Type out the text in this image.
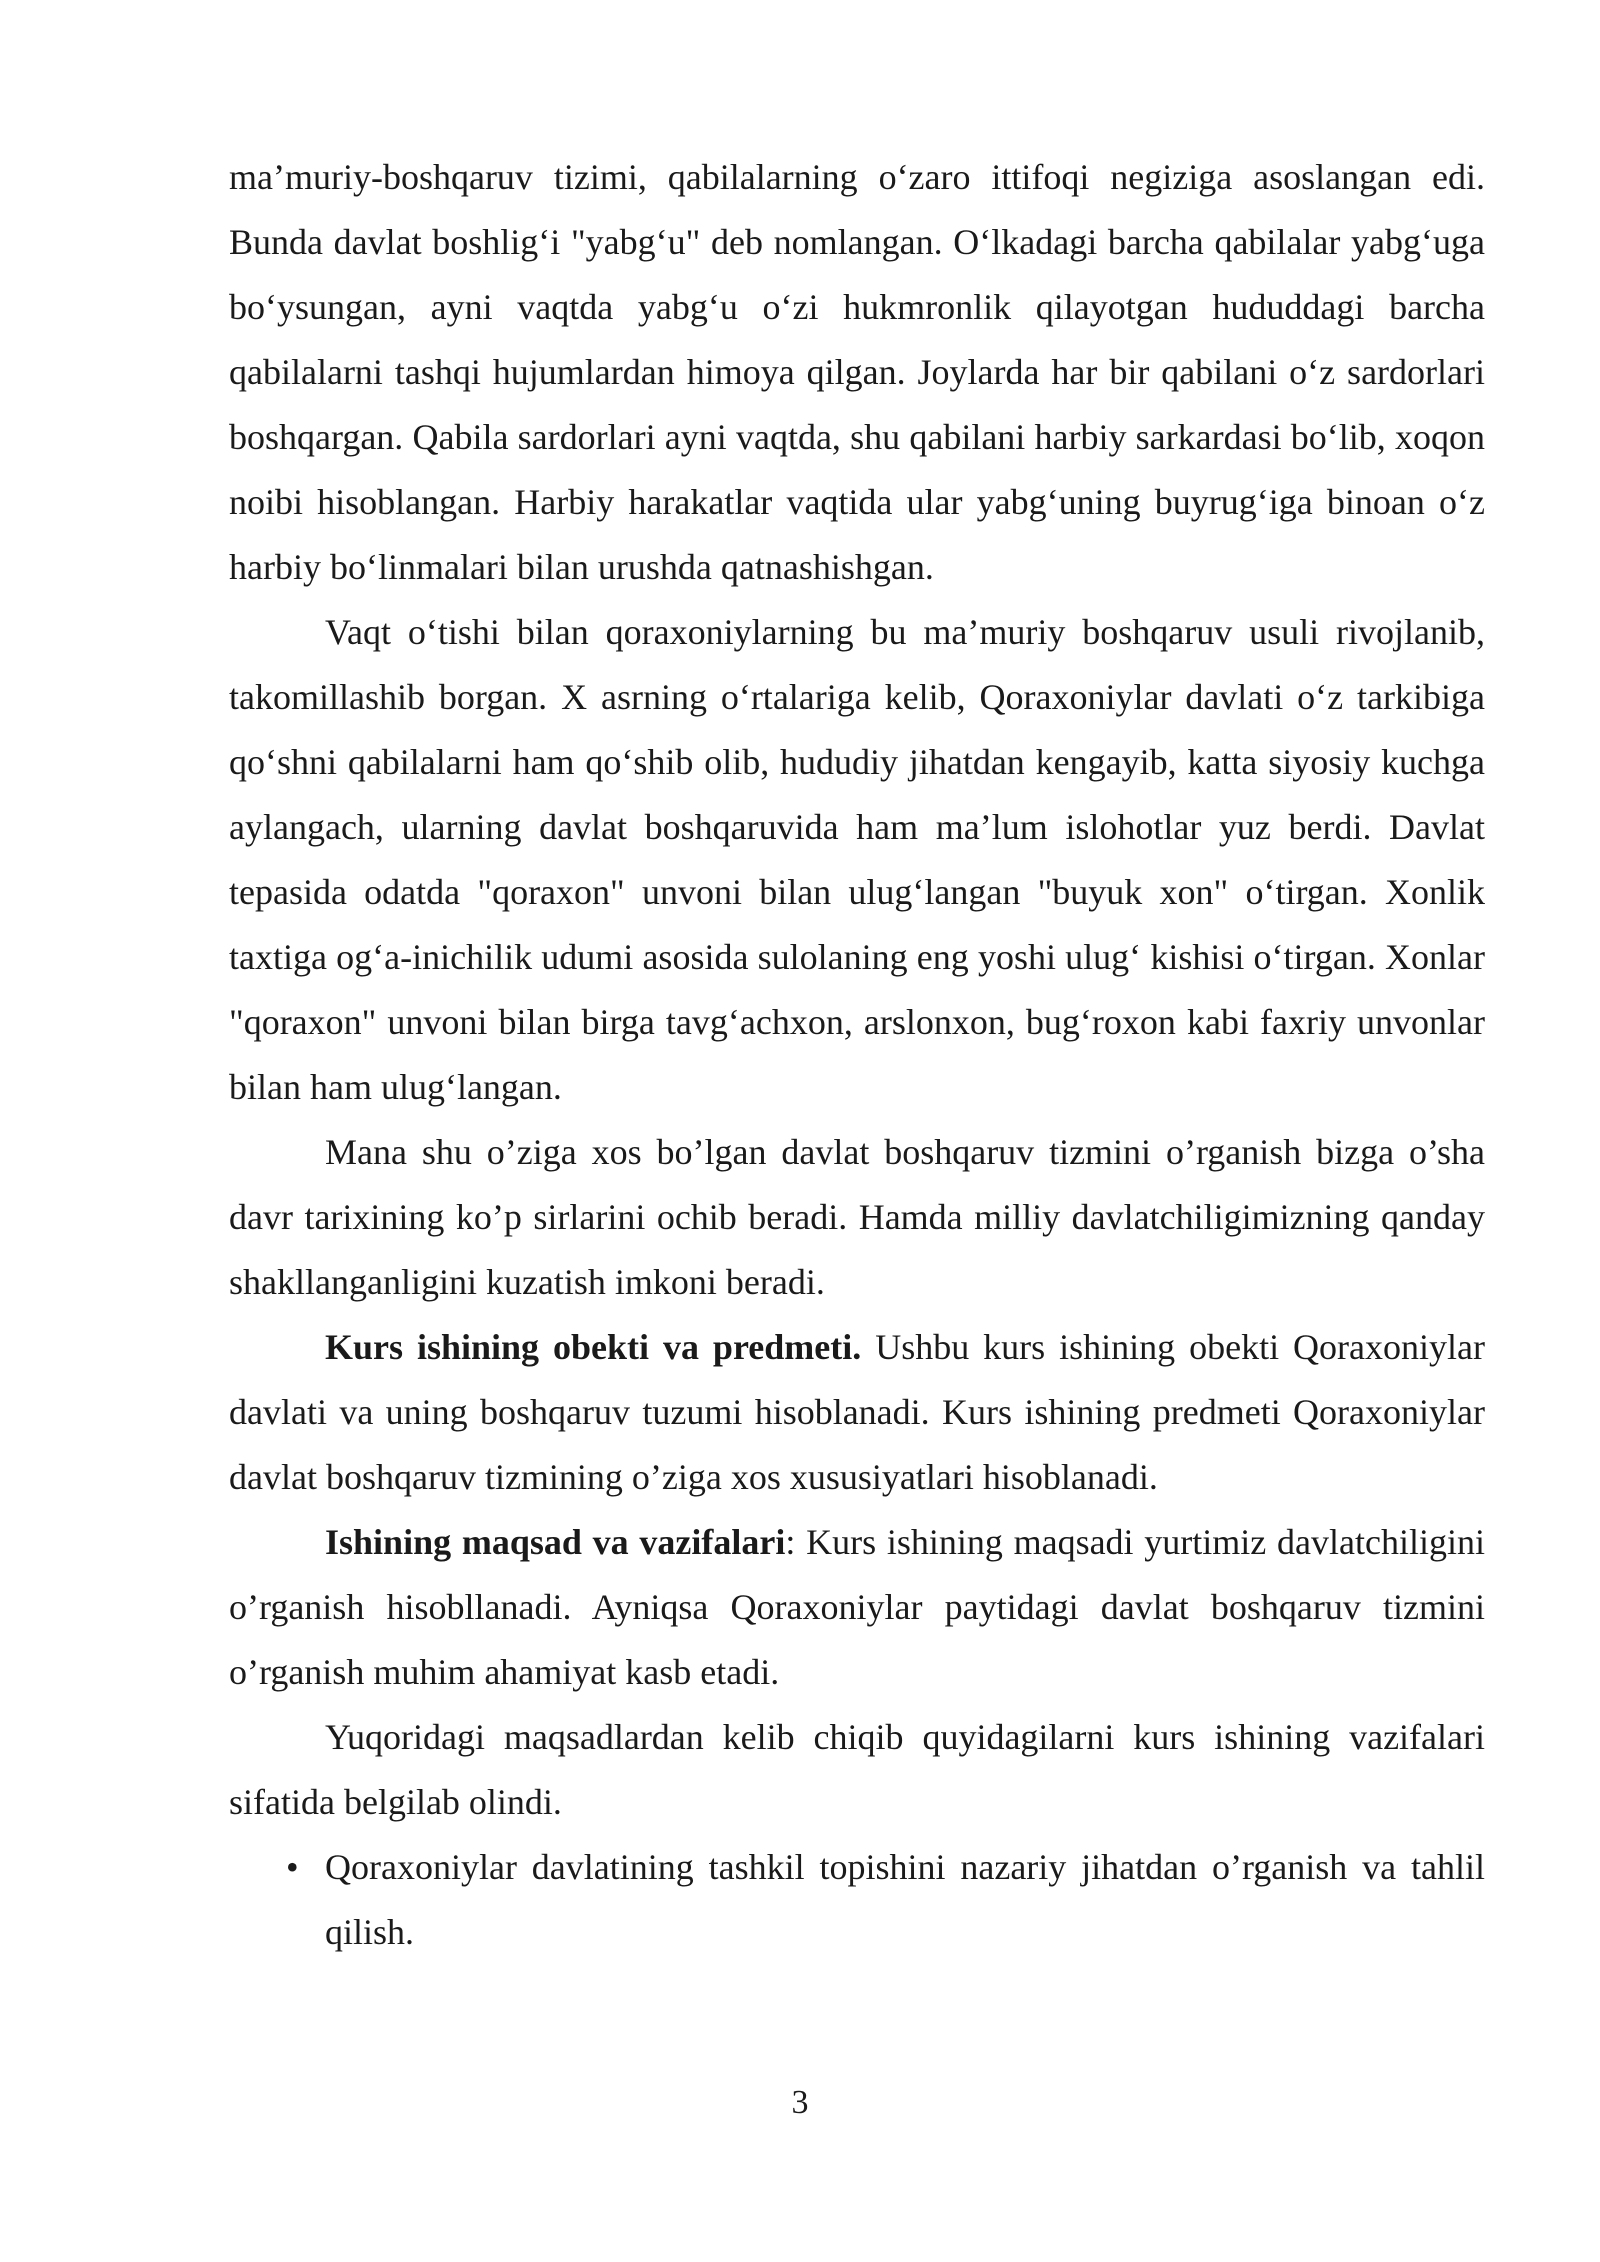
ma’muriy-boshqaruv tizimi, qabilalarning o‘zaro ittifoqi negiziga asoslangan edi. Bunda davlat boshlig‘i "yabg‘u" deb nomlangan. O‘lkadagi barcha qabilalar yabg‘uga bo‘ysungan, ayni vaqtda yabg‘u o‘zi hukmronlik qilayotgan hududdagi barcha qabilalarni tashqi hujumlardan himoya qilgan. Joylarda har bir qabilani o‘z sardorlari boshqargan. Qabila sardorlari ayni vaqtda, shu qabilani harbiy sarkardasi bo‘lib, xoqon noibi hisoblangan. Harbiy harakatlar vaqtida ular yabg‘uning buyrug‘iga binoan o‘z harbiy bo‘linmalari bilan urushda qatnashishgan.

Vaqt o‘tishi bilan qoraxoniylarning bu ma’muriy boshqaruv usuli rivojlanib, takomillashib borgan. X asrning o‘rtalariga kelib, Qoraxoniylar davlati o‘z tarkibiga qo‘shni qabilalarni ham qo‘shib olib, hududiy jihatdan kengayib, katta siyosiy kuchga aylangach, ularning davlat boshqaruvida ham ma’lum islohotlar yuz berdi. Davlat tepasida odatda "qoraxon" unvoni bilan ulug‘langan "buyuk xon" o‘tirgan. Xonlik taxtiga og‘a-inichilik udumi asosida sulolaning eng yoshi ulug‘ kishisi o‘tirgan. Xonlar "qoraxon" unvoni bilan birga tavg‘achxon, arslonxon, bug‘roxon kabi faxriy unvonlar bilan ham ulug‘langan.

Mana shu o’ziga xos bo’lgan davlat boshqaruv tizmini o’rganish bizga o’sha davr tarixining ko’p sirlarini ochib beradi. Hamda milliy davlatchiligimizning qanday shakllanganligini kuzatish imkoni beradi.

Kurs ishining obekti va predmeti. Ushbu kurs ishining obekti Qoraxoniylar davlati va uning boshqaruv tuzumi hisoblanadi. Kurs ishining predmeti Qoraxoniylar davlat boshqaruv tizmining o’ziga xos xususiyatlari hisoblanadi.

Ishining maqsad va vazifalari: Kurs ishining maqsadi yurtimiz davlatchiligini o’rganish hisobllanadi. Ayniqsa Qoraxoniylar paytidagi davlat boshqaruv tizmini o’rganish muhim ahamiyat kasb etadi.

Yuqoridagi maqsadlardan kelib chiqib quyidagilarni kurs ishining vazifalari sifatida belgilab olindi.

• Qoraxoniylar davlatining tashkil topishini nazariy jihatdan o’rganish va tahlil qilish.
3
